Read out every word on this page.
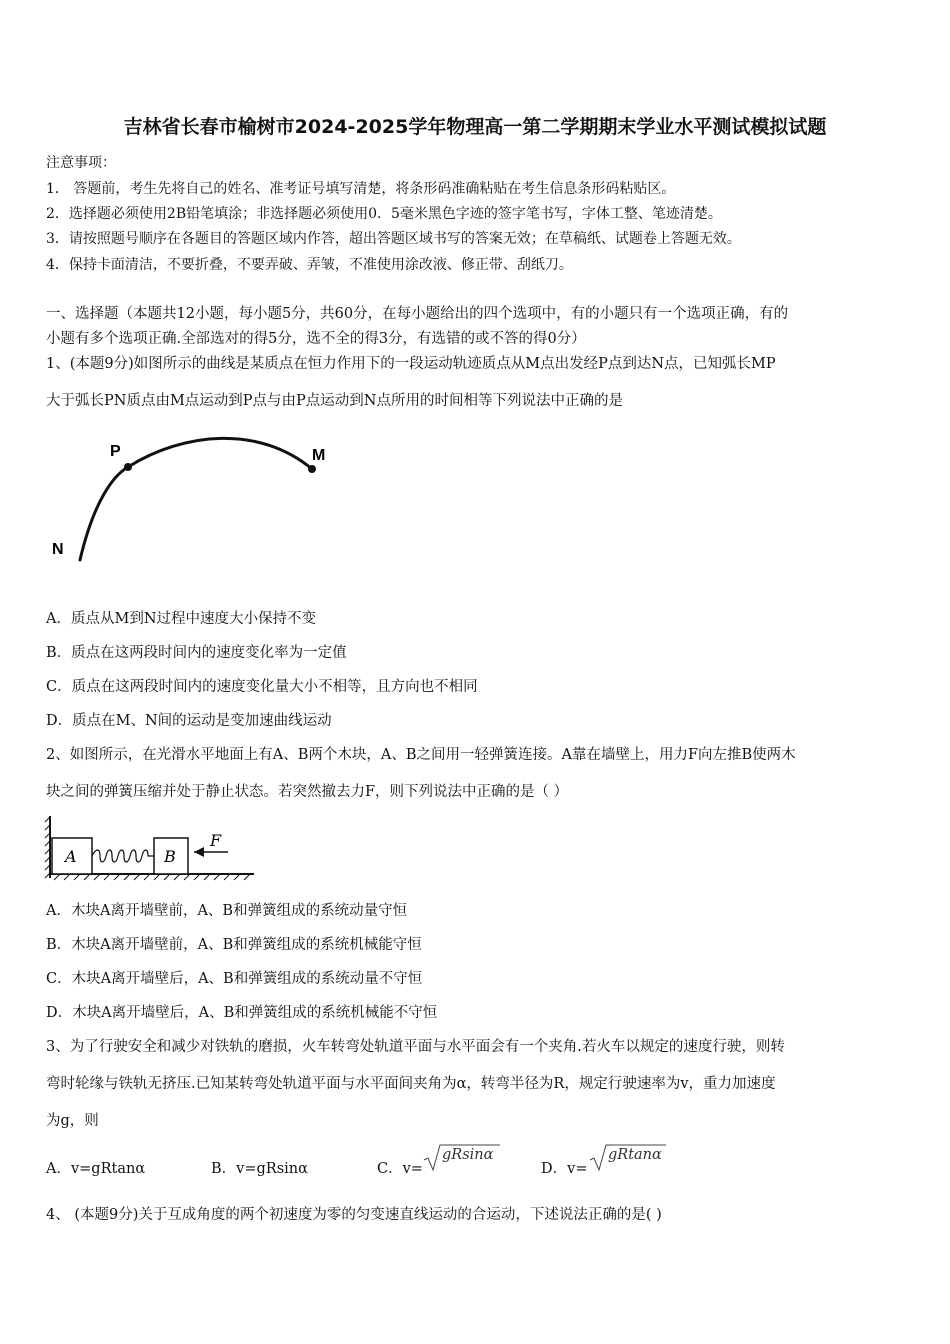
吉林省长春市榆树市2024-2025学年物理高一第二学期期末学业水平测试模拟试题
注意事项：
1． 答题前，考生先将自己的姓名、准考证号填写清楚，将条形码准确粘贴在考生信息条形码粘贴区。
2．选择题必须使用2B铅笔填涂；非选择题必须使用0．5毫米黑色字迹的签字笔书写，字体工整、笔迹清楚。
3．请按照题号顺序在各题目的答题区域内作答，超出答题区域书写的答案无效；在草稿纸、试题卷上答题无效。
4．保持卡面清洁，不要折叠，不要弄破、弄皱，不准使用涂改液、修正带、刮纸刀。
一、选择题（本题共12小题，每小题5分，共60分，在每小题给出的四个选项中，有的小题只有一个选项正确，有的
小题有多个选项正确.全部选对的得5分，选不全的得3分，有选错的或不答的得0分）
1、(本题9分)如图所示的曲线是某质点在恒力作用下的一段运动轨迹质点从M点出发经P点到达N点，已知弧长MP
大于弧长PN质点由M点运动到P点与由P点运动到N点所用的时间相等下列说法中正确的是
P	M
N
A．质点从M到N过程中速度大小保持不变
B．质点在这两段时间内的速度变化率为一定值
C．质点在这两段时间内的速度变化量大小不相等，且方向也不相同
D．质点在M、N间的运动是变加速曲线运动
2、如图所示，在光滑水平地面上有A、B两个木块，A、B之间用一轻弹簧连接。A靠在墙壁上，用力F向左推B使两木
块之间的弹簧压缩并处于静止状态。若突然撤去力F，则下列说法中正确的是（ ）
A	B
F
A．木块A离开墙壁前，A、B和弹簧组成的系统动量守恒
B．木块A离开墙壁前，A、B和弹簧组成的系统机械能守恒
C．木块A离开墙壁后，A、B和弹簧组成的系统动量不守恒
D．木块A离开墙壁后，A、B和弹簧组成的系统机械能不守恒
3、为了行驶安全和减少对铁轨的磨损，火车转弯处轨道平面与水平面会有一个夹角.若火车以规定的速度行驶，则转
弯时轮缘与铁轨无挤压.已知某转弯处轨道平面与水平面间夹角为α，转弯半径为R，规定行驶速率为v，重力加速度
为g，则
A．v=gRtanα	B．v=gRsinα	C．v=
gRsinα
D．v=
gRtanα
4、 (本题9分)关于互成角度的两个初速度为零的匀变速直线运动的合运动，下述说法正确的是( )
